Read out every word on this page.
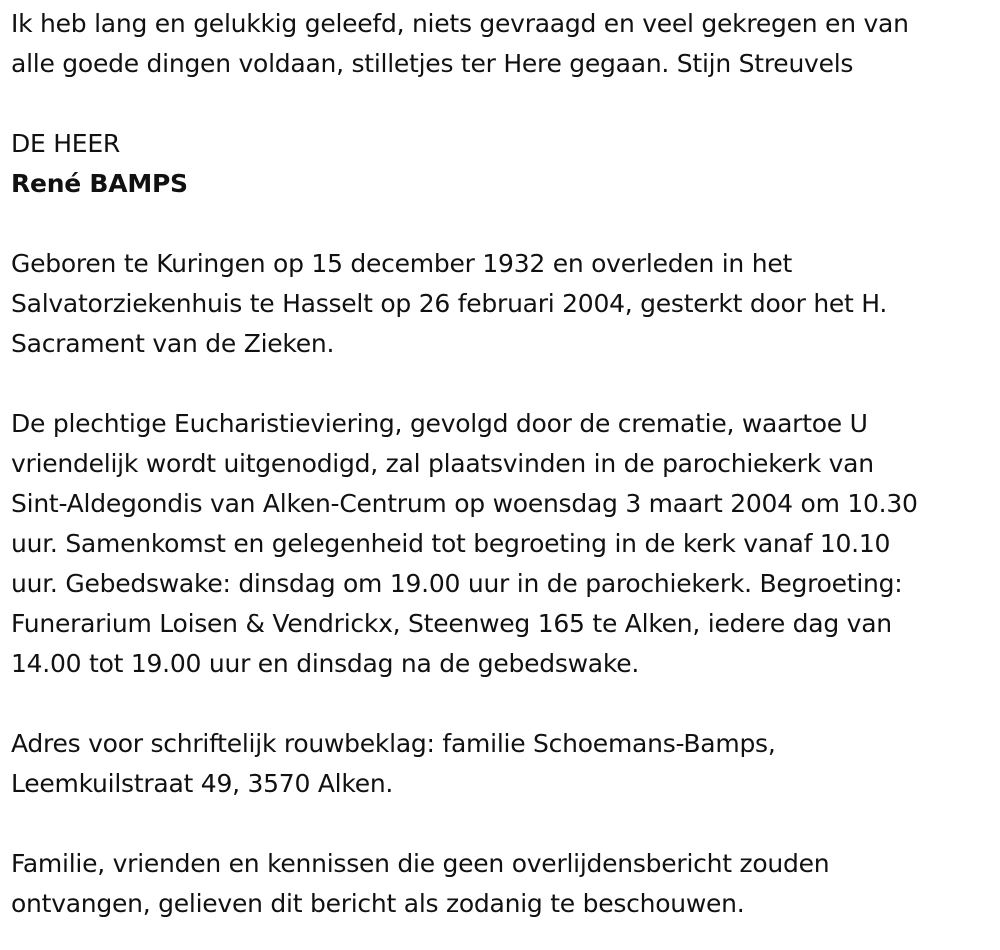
Ik heb lang en gelukkig geleefd, niets gevraagd en veel gekregen en van
alle goede dingen voldaan, stilletjes ter Here gegaan. Stijn Streuvels
DE HEER
René BAMPS
Geboren te Kuringen op 15 december 1932 en overleden in het
Salvatorziekenhuis te Hasselt op 26 februari 2004, gesterkt door het H.
Sacrament van de Zieken.
De plechtige Eucharistieviering, gevolgd door de crematie, waartoe U
vriendelijk wordt uitgenodigd, zal plaatsvinden in de parochiekerk van
Sint-Aldegondis van Alken-Centrum op woensdag 3 maart 2004 om 10.30
uur. Samenkomst en gelegenheid tot begroeting in de kerk vanaf 10.10
uur. Gebedswake: dinsdag om 19.00 uur in de parochiekerk. Begroeting:
Funerarium Loisen & Vendrickx, Steenweg 165 te Alken, iedere dag van
14.00 tot 19.00 uur en dinsdag na de gebedswake.
Adres voor schriftelijk rouwbeklag: familie Schoemans-Bamps,
Leemkuilstraat 49, 3570 Alken.
Familie, vrienden en kennissen die geen overlijdensbericht zouden
ontvangen, gelieven dit bericht als zodanig te beschouwen.
